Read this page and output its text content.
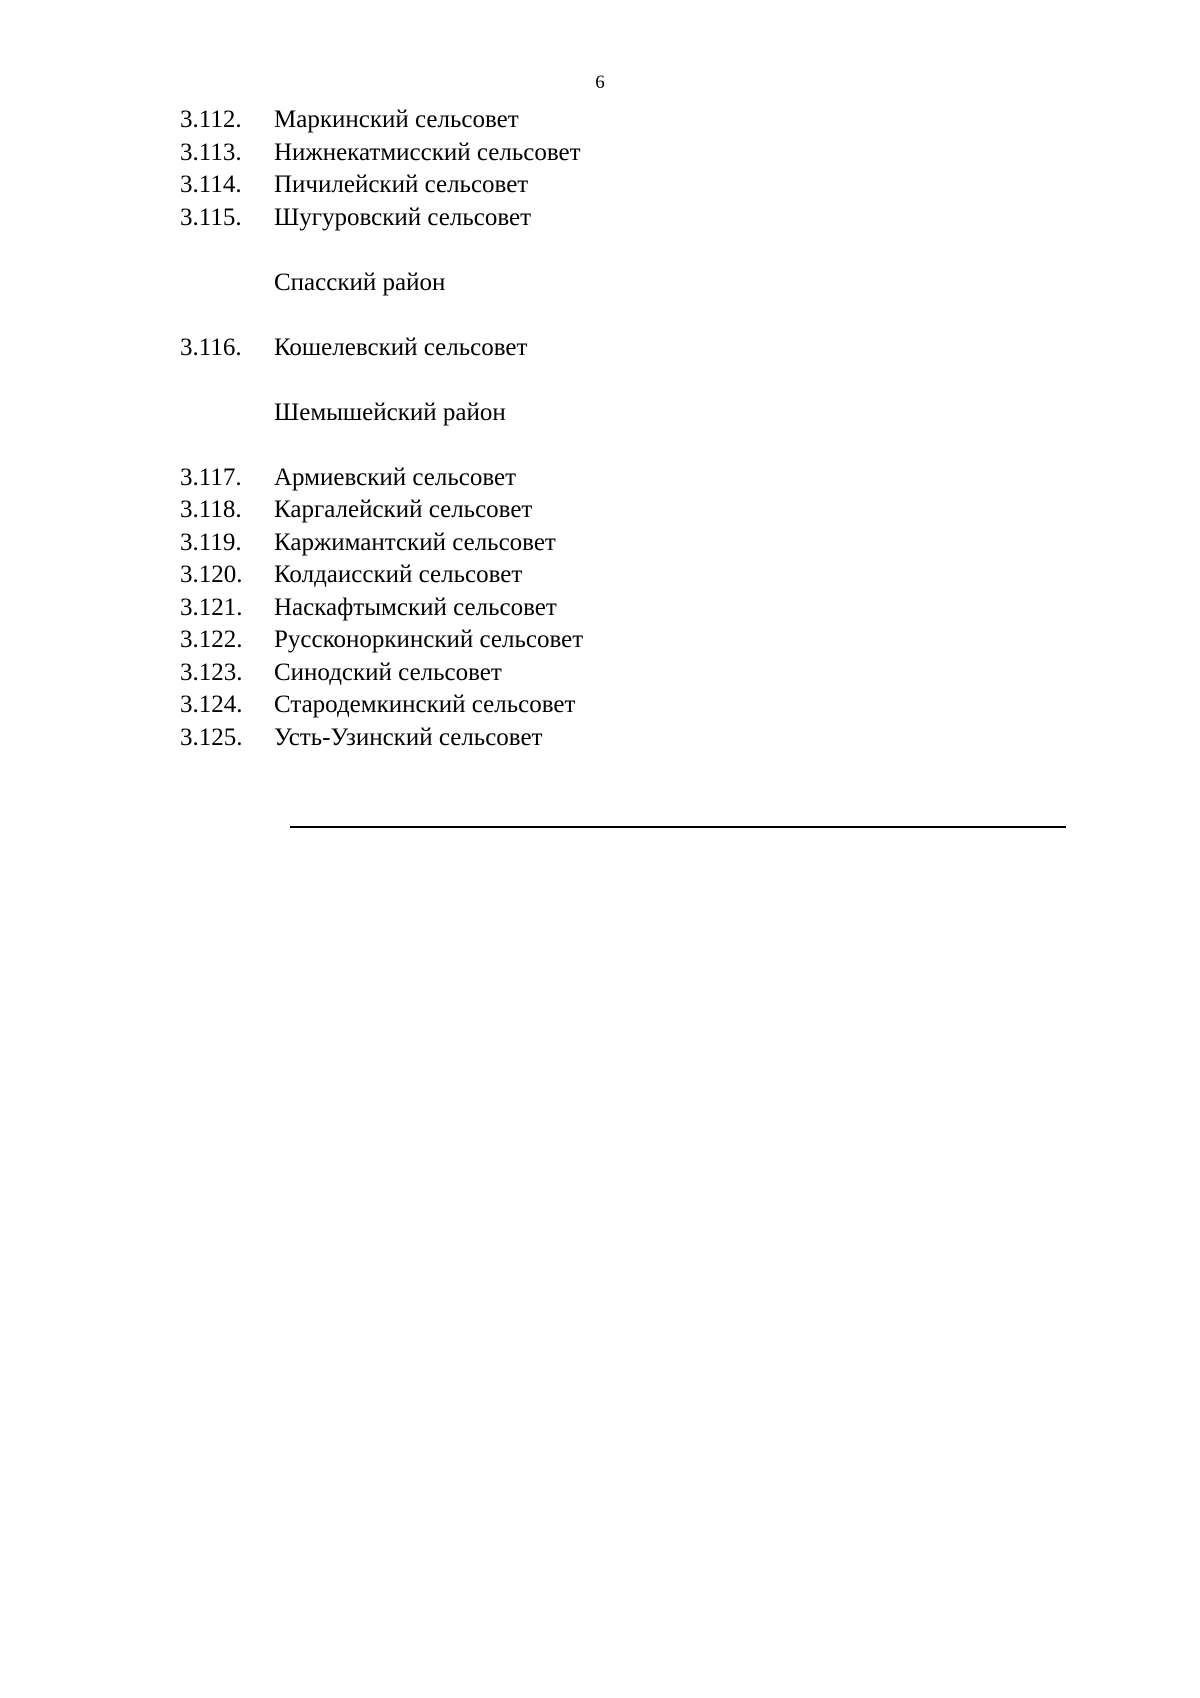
6
3.112. Маркинский сельсовет
3.113. Нижнекатмисский сельсовет
3.114. Пичилейский сельсовет
3.115. Шугуровский сельсовет
Спасский район
3.116. Кошелевский сельсовет
Шемышейский район
3.117. Армиевский сельсовет
3.118. Каргалейский сельсовет
3.119. Каржимантский сельсовет
3.120. Колдаисский сельсовет
3.121. Наскафтымский сельсовет
3.122. Руссконоркинский сельсовет
3.123. Синодский сельсовет
3.124. Стародемкинский сельсовет
3.125. Усть-Узинский сельсовет
